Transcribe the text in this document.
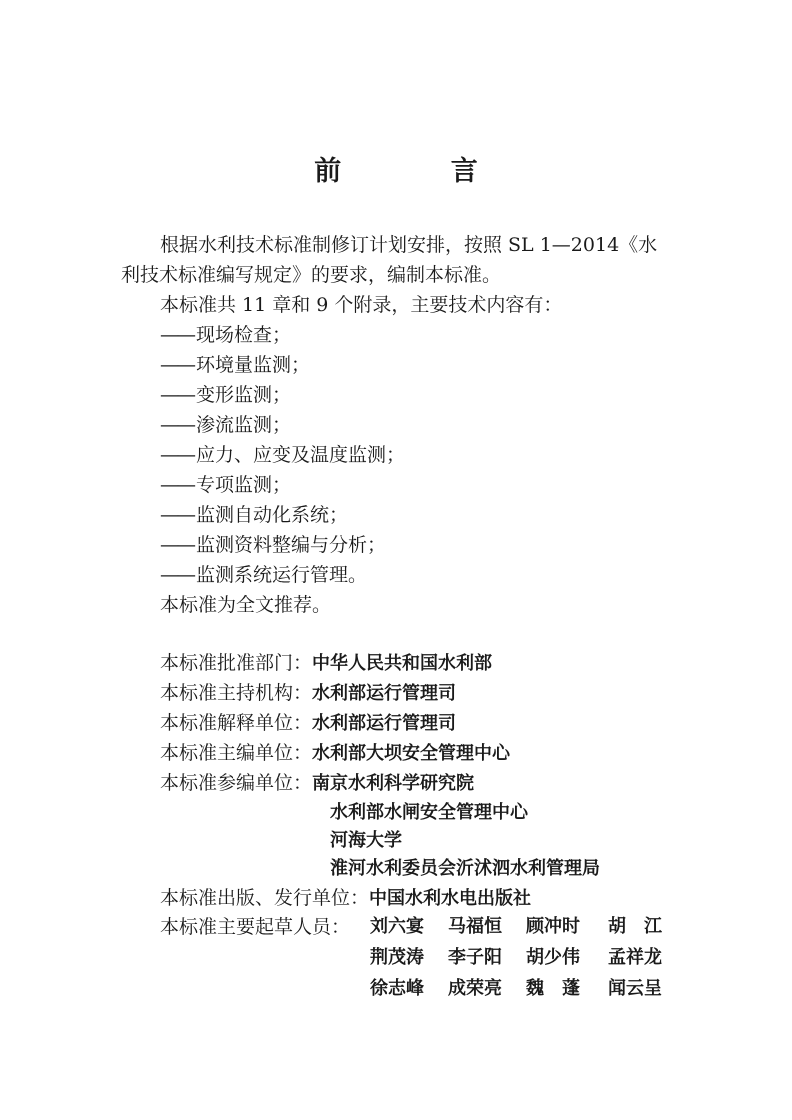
前 言
根据水利技术标准制修订计划安排，按照 SL 1—2014《水
利技术标准编写规定》的要求，编制本标准。
本标准共 11 章和 9 个附录，主要技术内容有：
—— 现场检查；
—— 环境量监测；
—— 变形监测；
—— 渗流监测；
—— 应力、应变及温度监测；
—— 专项监测；
—— 监测自动化系统；
—— 监测资料整编与分析；
—— 监测系统运行管理。
本标准为全文推荐。
本标准批准部门：中华人民共和国水利部
本标准主持机构：水利部运行管理司
本标准解释单位：水利部运行管理司
本标准主编单位：水利部大坝安全管理中心
本标准参编单位：南京水利科学研究院
水利部水闸安全管理中心
河海大学
淮河水利委员会沂沭泗水利管理局
本标准出版、发行单位：中国水利水电出版社
本标准主要起草人员： 刘六宴 马福恒 顾冲时 胡　江
荆茂涛 李子阳 胡少伟 孟祥龙
徐志峰 成荣亮 魏　蓬 闻云呈
